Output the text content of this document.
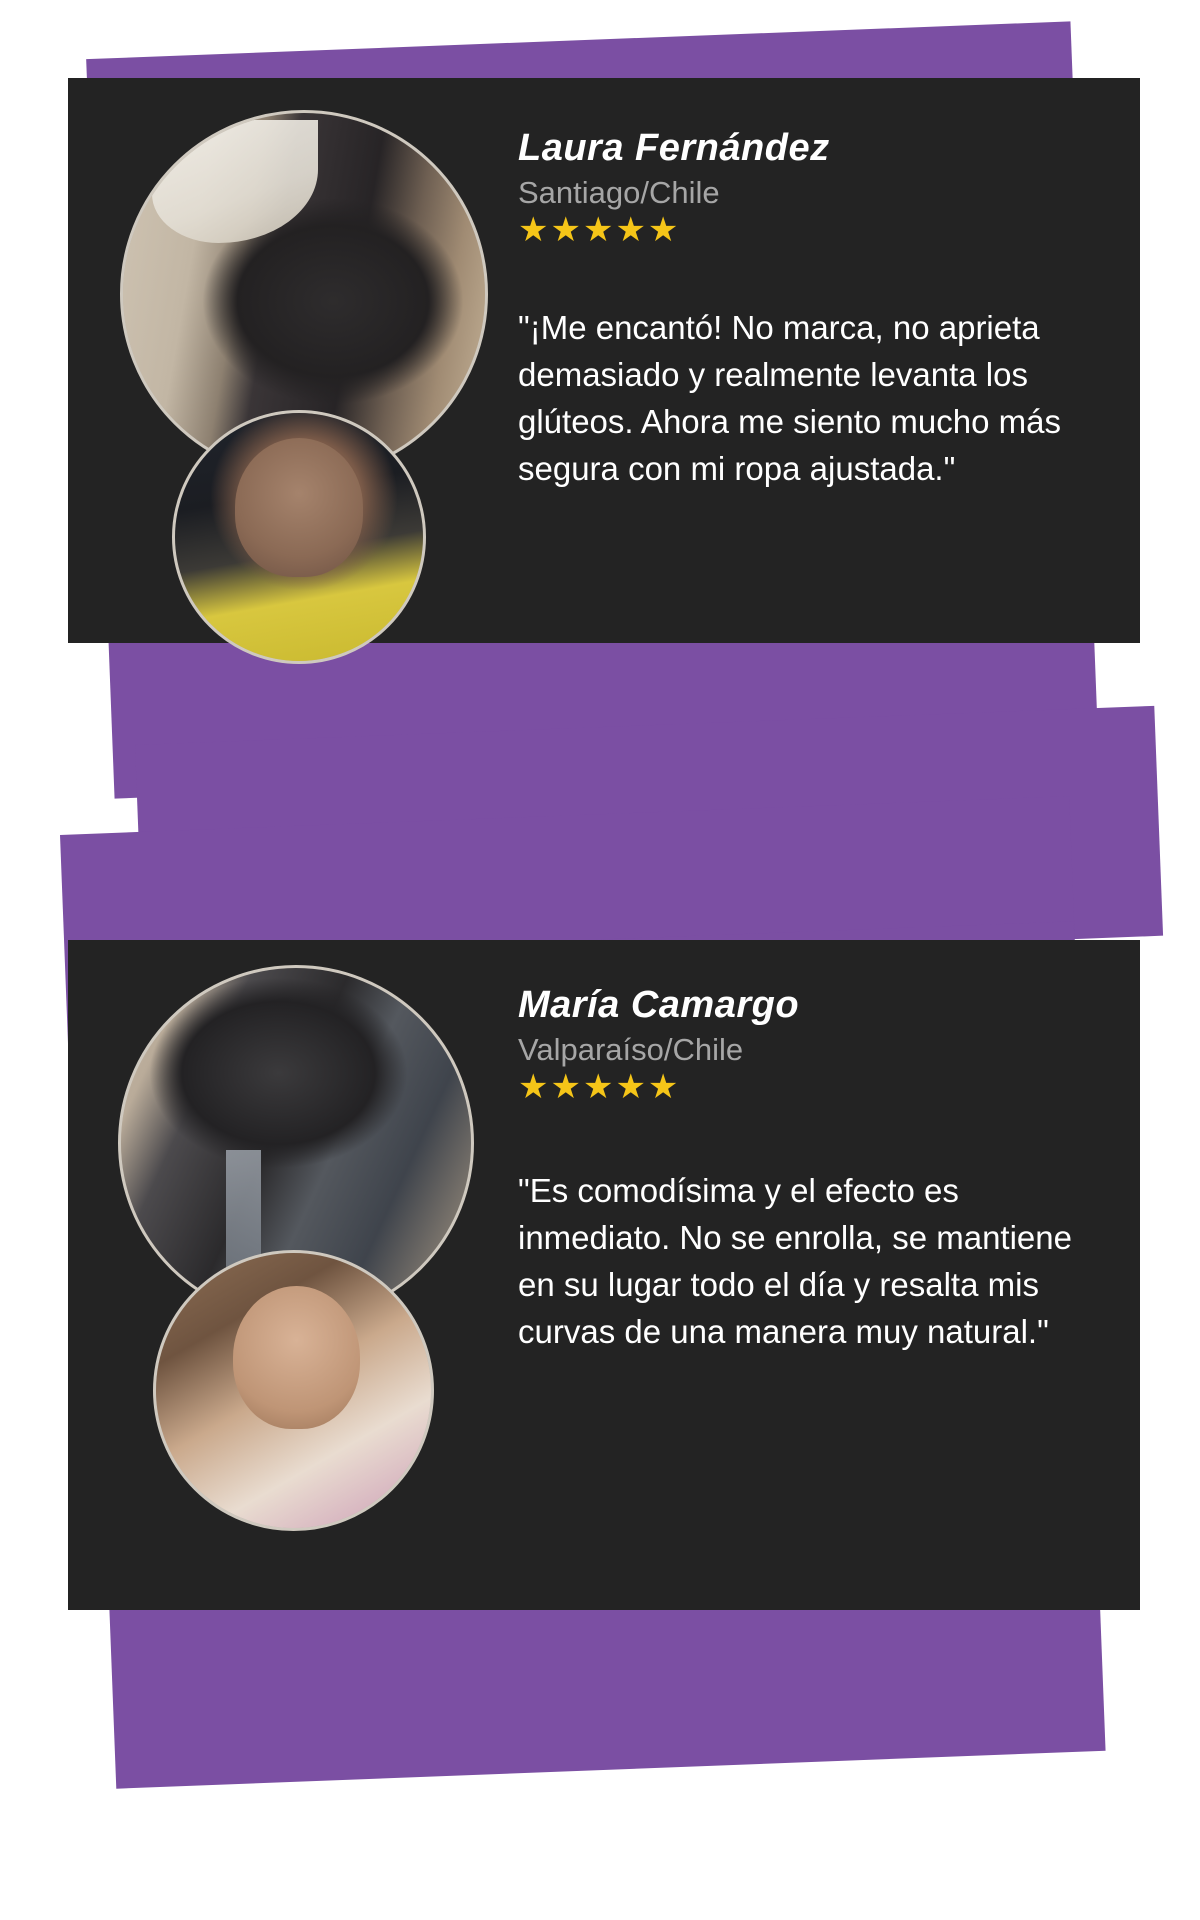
Laura Fernández
Santiago/Chile
★★★★★

"¡Me encantó! No marca, no aprieta demasiado y realmente levanta los glúteos. Ahora me siento mucho más segura con mi ropa ajustada."

María Camargo
Valparaíso/Chile
★★★★★

"Es comodísima y el efecto es inmediato. No se enrolla, se mantiene en su lugar todo el día y resalta mis curvas de una manera muy natural."
